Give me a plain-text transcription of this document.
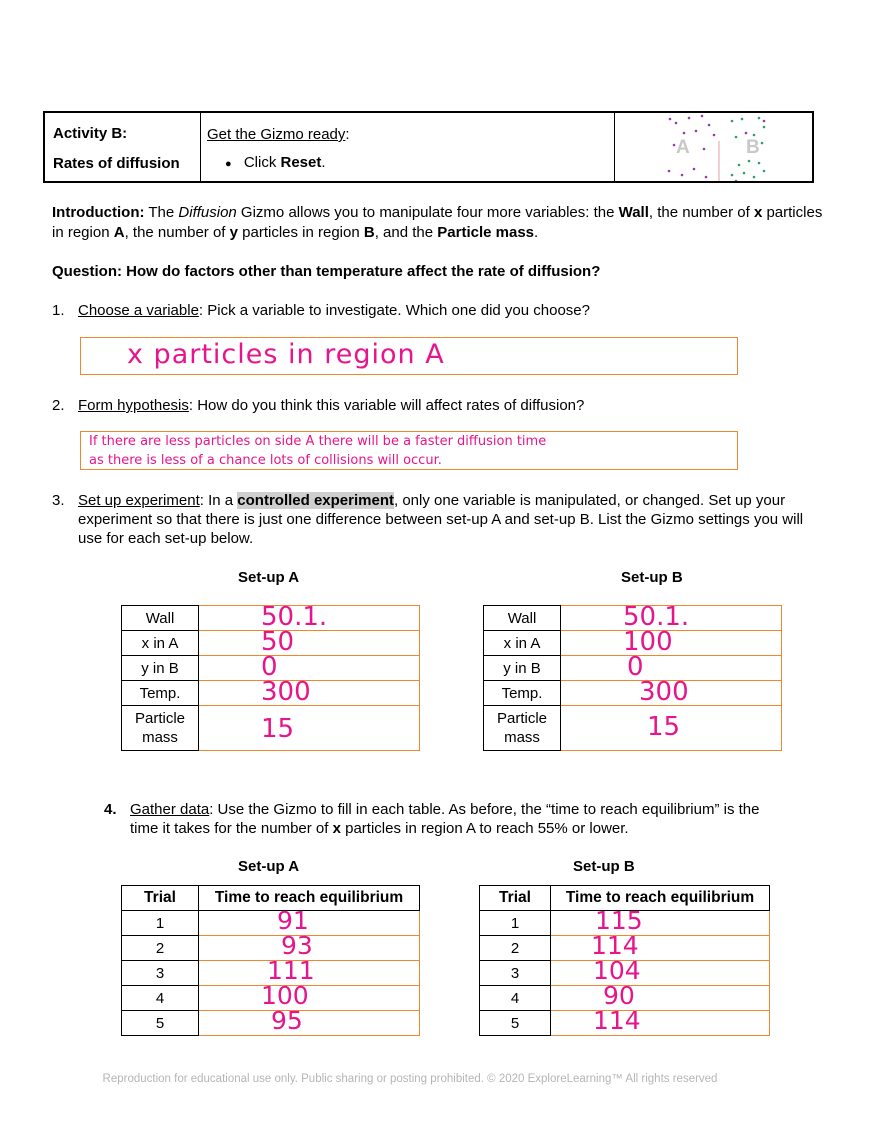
Activity B:
Rates of diffusion
Get the Gizmo ready:
● Click Reset.
A	B
Introduction: The Diffusion Gizmo allows you to manipulate four more variables: the Wall, the number of x particles in region A, the number of y particles in region B, and the Particle mass.
Question: How do factors other than temperature affect the rate of diffusion?
1. Choose a variable: Pick a variable to investigate. Which one did you choose?
x particles in region A
2. Form hypothesis: How do you think this variable will affect rates of diffusion?
If there are less particles on side A there will be a faster diffusion time
as there is less of a chance lots of collisions will occur.
3. Set up experiment: In a controlled experiment, only one variable is manipulated, or changed. Set up your experiment so that there is just one difference between set-up A and set-up B. List the Gizmo settings you will use for each set-up below.
Set-up A	Set-up B
Wall	50.1.

x in A	50

y in B	0

Temp.	300

Particle
mass	15
Wall	50.1.

x in A	100

y in B	0

Temp.	300

Particle
mass	15
4. Gather data: Use the Gizmo to fill in each table. As before, the “time to reach equilibrium” is the time it takes for the number of x particles in region A to reach 55% or lower.
Set-up A	Set-up B
Trial	Time to reach equilibrium
1	91

2	93

3	111

4	100

5	95
Trial	Time to reach equilibrium
1	115

2	114

3	104

4	90

5	114
Reproduction for educational use only. Public sharing or posting prohibited. © 2020 ExploreLearning™ All rights reserved
